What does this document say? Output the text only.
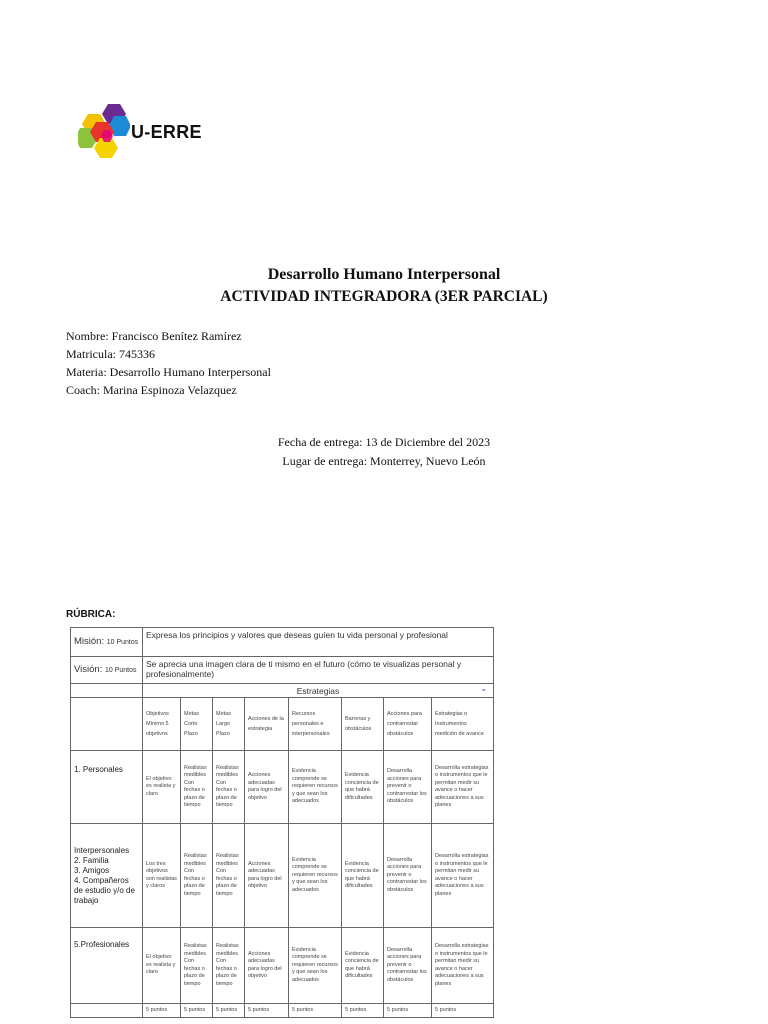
U-ERRE
Desarrollo Humano Interpersonal
ACTIVIDAD INTEGRADORA (3ER PARCIAL)
Nombre: Francisco Benítez Ramírez
Matricula: 745336
Materia: Desarrollo Humano Interpersonal
Coach: Marina Espinoza Velazquez
Fecha de entrega: 13 de Diciembre del 2023
Lugar de entrega: Monterrey, Nuevo León
RÚBRICA:
Misión: 10 Puntos	Expresa los principios y valores que deseas guíen tu vida personal y profesional							
Visión: 10 Puntos	Se aprecia una imagen clara de ti mismo en el futuro (cómo te visualizas personal y profesionalmente)							
	Estrategias ⌄							

	Objetivos Mínimo 5 objetivos	Metas Corto Plazo	Metas Largo Plazo	Acciones de la estrategia	Recursos personales e interpersonales	Barreras y obstáculos	Acciones para contrarrestar obstáculos	Estrategias o Instrumentos medición de avance
1. Personales	El objetivo es realista y claro	Realistas medibles Con fechas o plazo de tiempo	Realistas medibles Con fechas o plazo de tiempo	Acciones adecuadas para logro del objetivo	Evidencia comprende se requieren recursos y que sean los adecuados	Evidencia conciencia de que habrá dificultades	Desarrolla acciones para prevenir o contrarrestar los obstáculos	Desarrolla estrategias o instrumentos que le permitan medir su avance o hacer adecuaciones a sus planes

Interpersonales
2. Familia
3. Amigos
4. Compañeros de estudio y/o de trabajo	Los tres objetivos son realistas y claros	Realistas medibles Con fechas o plazo de tiempo	Realistas medibles Con fechas o plazo de tiempo	Acciones adecuadas para logro del objetivo	Evidencia comprende se requieren recursos y que sean los adecuados	Evidencia conciencia de que habrá dificultades	Desarrolla acciones para prevenir o contrarrestar los obstáculos	Desarrolla estrategias o instrumentos que le permitan medir su avance o hacer adecuaciones a sus planes
5.Profesionales	El objetivo es realista y claro	Realistas medibles Con fechas o plazo de tiempo	Realistas medibles Con fechas o plazo de tiempo	Acciones adecuadas para logro del objetivo	Evidencia comprende se requieren recursos y que sean los adecuados	Evidencia conciencia de que habrá dificultades	Desarrolla acciones para prevenir o contrarrestar los obstáculos	Desarrolla estrategias o instrumentos que le permitan medir su avance o hacer adecuaciones a sus planes
	5 puntos	5 puntos	5 puntos	5 puntos	5 puntos	5 puntos	5 puntos	5 puntos
